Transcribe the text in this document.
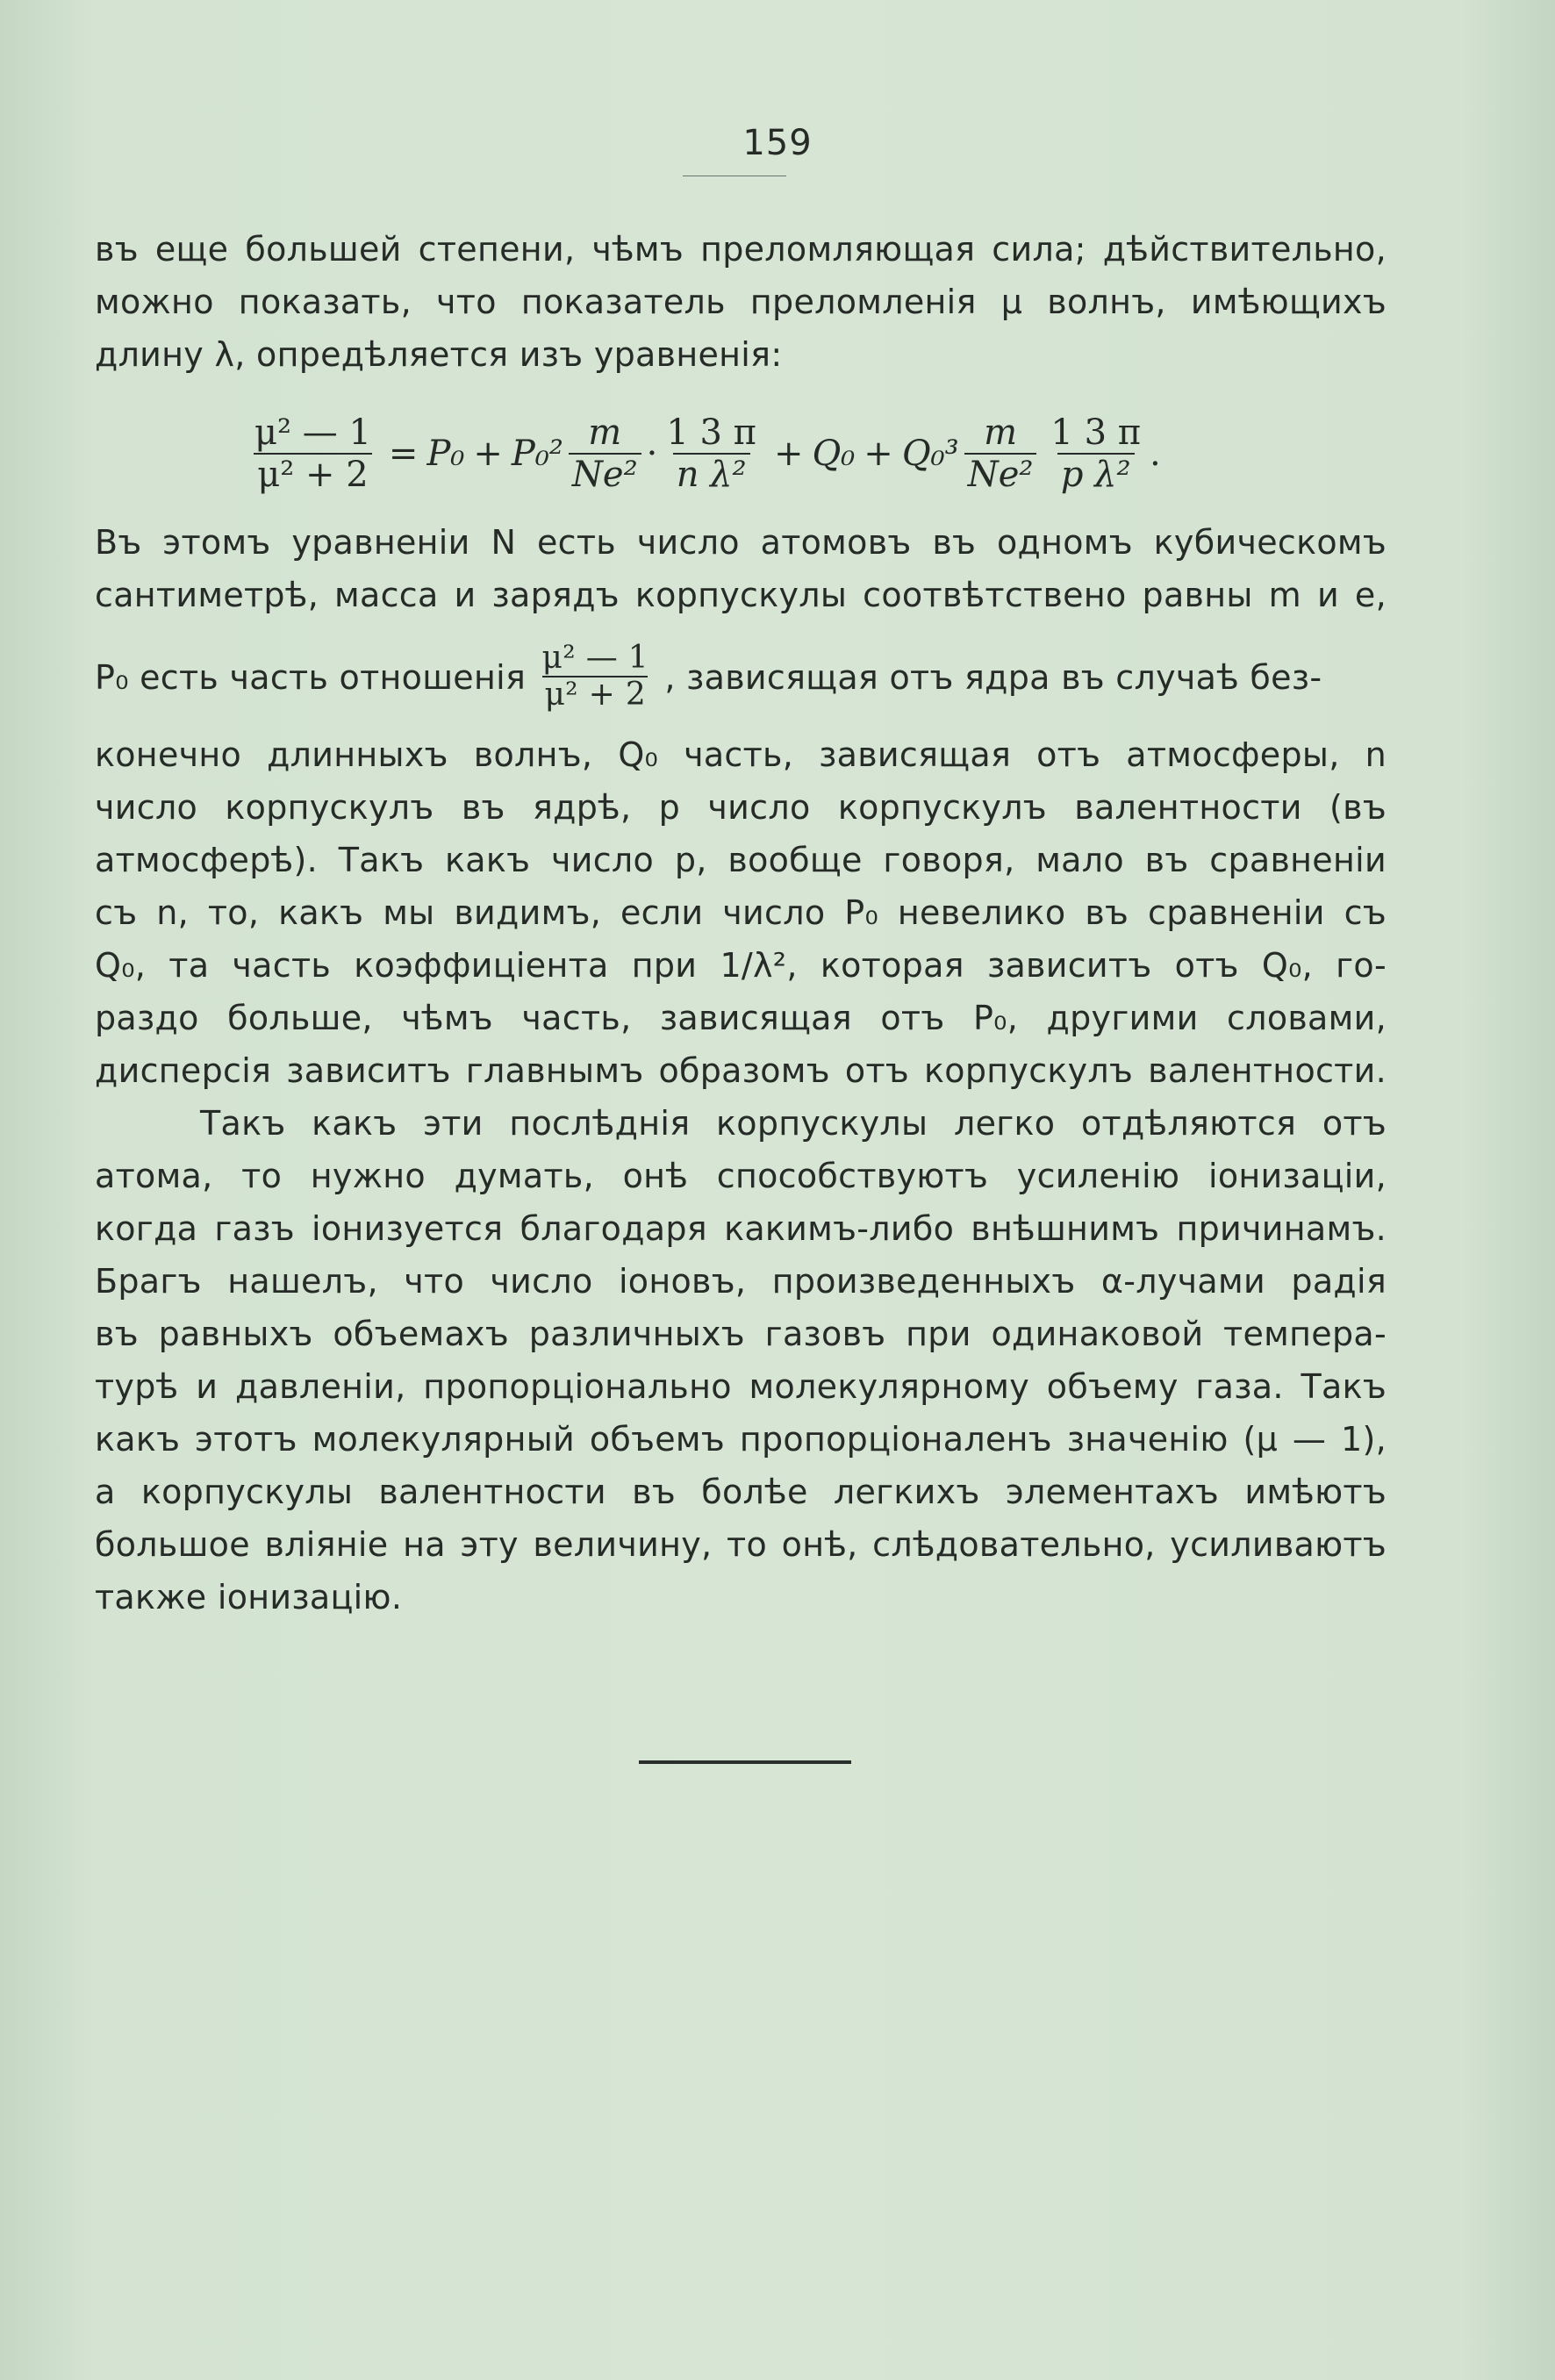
159
въ еще большей степени, чѣмъ преломляющая сила; дѣйствительно,
можно показать, что показатель преломленія μ волнъ, имѣющихъ
длину λ, опредѣляется изъ уравненія:
$\frac{\text{μ² — 1}}{\text{μ² + 2}} = P_0 + P_0^2 \frac{m}{\text{Ne²}} \cdot \frac{1 3 \pi}{\text{n λ²}} + Q_0 + Q_0^3 \frac{m}{\text{Ne²}} \frac{1 3 \pi}{\text{p λ²}}$ .
Въ этомъ уравненіи N есть число атомовъ въ одномъ кубическомъ
сантиметрѣ, масса и зарядъ корпускулы соотвѣтствено равны m и e,
P₀ есть часть отношенія $\frac{\text{μ² — 1}}{\text{μ² + 2}}$ , зависящая отъ ядра въ случаѣ без-
конечно длинныхъ волнъ, Q₀ часть, зависящая отъ атмосферы, n
число корпускулъ въ ядрѣ, p число корпускулъ валентности (въ
атмосферѣ). Такъ какъ число p, вообще говоря, мало въ сравненіи
съ n, то, какъ мы видимъ, если число P₀ невелико въ сравненіи съ
Q₀, та часть коэффиціента при 1/λ², которая зависитъ отъ Q₀, го-
раздо больше, чѣмъ часть, зависящая отъ P₀, другими словами,
дисперсія зависитъ главнымъ образомъ отъ корпускулъ валентности.
Такъ какъ эти послѣднія корпускулы легко отдѣляются отъ
атома, то нужно думать, онѣ способствуютъ усиленію іонизаціи,
когда газъ іонизуется благодаря какимъ-либо внѣшнимъ причинамъ.
Брагъ нашелъ, что число іоновъ, произведенныхъ α-лучами радія
въ равныхъ объемахъ различныхъ газовъ при одинаковой темпера-
турѣ и давленіи, пропорціонально молекулярному объему газа. Такъ
какъ этотъ молекулярный объемъ пропорціоналенъ значенію (μ — 1),
а корпускулы валентности въ болѣе легкихъ элементахъ имѣютъ
большое вліяніе на эту величину, то онѣ, слѣдовательно, усиливаютъ
также іонизацію.
